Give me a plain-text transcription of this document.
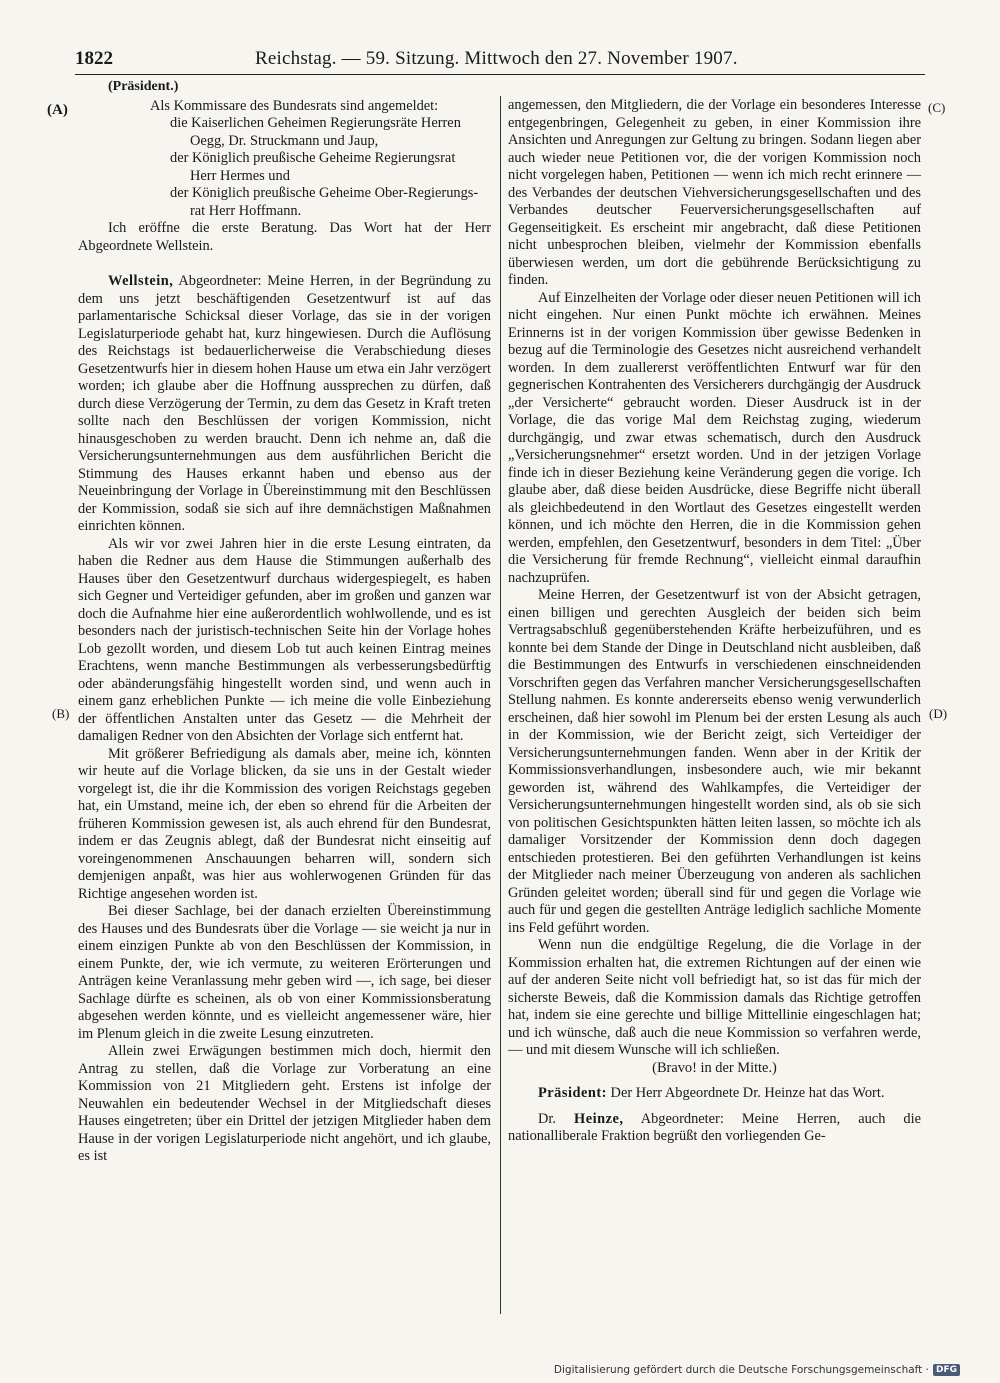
1822	Reichstag. — 59. Sitzung. Mittwoch den 27. November 1907.
(A)
(B)
(C)
(D)

(Präsident.)

Als Kommissare des Bundesrats sind angemeldet:

die Kaiserlichen Geheimen Regierungsräte Herren

Oegg, Dr. Struckmann und Jaup,

der Königlich preußische Geheime Regierungsrat

Herr Hermes und

der Königlich preußische Geheime Ober-Regierungs-

rat Herr Hoffmann.

Ich eröffne die erste Beratung. Das Wort hat der Herr Abgeordnete Wellstein.

Wellstein, Abgeordneter: Meine Herren, in der Begründung zu dem uns jetzt beschäftigenden Gesetzentwurf ist auf das parlamentarische Schicksal dieser Vorlage, das sie in der vorigen Legislaturperiode gehabt hat, kurz hingewiesen. Durch die Auflösung des Reichstags ist bedauerlicherweise die Verabschiedung dieses Gesetzentwurfs hier in diesem hohen Hause um etwa ein Jahr verzögert worden; ich glaube aber die Hoffnung aussprechen zu dürfen, daß durch diese Verzögerung der Termin, zu dem das Gesetz in Kraft treten sollte nach den Beschlüssen der vorigen Kommission, nicht hinausgeschoben zu werden braucht. Denn ich nehme an, daß die Versicherungsunternehmungen aus dem ausführlichen Bericht die Stimmung des Hauses erkannt haben und ebenso aus der Neueinbringung der Vorlage in Übereinstimmung mit den Beschlüssen der Kommission, sodaß sie sich auf ihre demnächstigen Maßnahmen einrichten können.

Als wir vor zwei Jahren hier in die erste Lesung eintraten, da haben die Redner aus dem Hause die Stimmungen außerhalb des Hauses über den Gesetzentwurf durchaus widergespiegelt, es haben sich Gegner und Verteidiger gefunden, aber im großen und ganzen war doch die Aufnahme hier eine außerordentlich wohlwollende, und es ist besonders nach der juristisch-technischen Seite hin der Vorlage hohes Lob gezollt worden, und diesem Lob tut auch keinen Eintrag meines Erachtens, wenn manche Bestimmungen als verbesserungsbedürftig oder abänderungsfähig hingestellt worden sind, und wenn auch in einem ganz erheblichen Punkte — ich meine die volle Einbeziehung der öffentlichen Anstalten unter das Gesetz — die Mehrheit der damaligen Redner von den Absichten der Vorlage sich entfernt hat.

Mit größerer Befriedigung als damals aber, meine ich, könnten wir heute auf die Vorlage blicken, da sie uns in der Gestalt wieder vorgelegt ist, die ihr die Kommission des vorigen Reichstags gegeben hat, ein Umstand, meine ich, der eben so ehrend für die Arbeiten der früheren Kommission gewesen ist, als auch ehrend für den Bundesrat, indem er das Zeugnis ablegt, daß der Bundesrat nicht einseitig auf voreingenommenen Anschauungen beharren will, sondern sich demjenigen anpaßt, was hier aus wohlerwogenen Gründen für das Richtige angesehen worden ist.

Bei dieser Sachlage, bei der danach erzielten Übereinstimmung des Hauses und des Bundesrats über die Vorlage — sie weicht ja nur in einem einzigen Punkte ab von den Beschlüssen der Kommission, in einem Punkte, der, wie ich vermute, zu weiteren Erörterungen und Anträgen keine Veranlassung mehr geben wird —, ich sage, bei dieser Sachlage dürfte es scheinen, als ob von einer Kommissionsberatung abgesehen werden könnte, und es vielleicht angemessener wäre, hier im Plenum gleich in die zweite Lesung einzutreten.

Allein zwei Erwägungen bestimmen mich doch, hiermit den Antrag zu stellen, daß die Vorlage zur Vorberatung an eine Kommission von 21 Mitgliedern geht. Erstens ist infolge der Neuwahlen ein bedeutender Wechsel in der Mitgliedschaft dieses Hauses eingetreten; über ein Drittel der jetzigen Mitglieder haben dem Hause in der vorigen Legislaturperiode nicht angehört, und ich glaube, es ist

angemessen, den Mitgliedern, die der Vorlage ein besonderes Interesse entgegenbringen, Gelegenheit zu geben, in einer Kommission ihre Ansichten und Anregungen zur Geltung zu bringen. Sodann liegen aber auch wieder neue Petitionen vor, die der vorigen Kommission noch nicht vorgelegen haben, Petitionen — wenn ich mich recht erinnere — des Verbandes der deutschen Viehversicherungsgesellschaften und des Verbandes deutscher Feuerversicherungsgesellschaften auf Gegenseitigkeit. Es erscheint mir angebracht, daß diese Petitionen nicht unbesprochen bleiben, vielmehr der Kommission ebenfalls überwiesen werden, um dort die gebührende Berücksichtigung zu finden.

Auf Einzelheiten der Vorlage oder dieser neuen Petitionen will ich nicht eingehen. Nur einen Punkt möchte ich erwähnen. Meines Erinnerns ist in der vorigen Kommission über gewisse Bedenken in bezug auf die Terminologie des Gesetzes nicht ausreichend verhandelt worden. In dem zuallererst veröffentlichten Entwurf war für den gegnerischen Kontrahenten des Versicherers durchgängig der Ausdruck „der Versicherte“ gebraucht worden. Dieser Ausdruck ist in der Vorlage, die das vorige Mal dem Reichstag zuging, wiederum durchgängig, und zwar etwas schematisch, durch den Ausdruck „Versicherungsnehmer“ ersetzt worden. Und in der jetzigen Vorlage finde ich in dieser Beziehung keine Veränderung gegen die vorige. Ich glaube aber, daß diese beiden Ausdrücke, diese Begriffe nicht überall als gleichbedeutend in den Wortlaut des Gesetzes eingestellt werden können, und ich möchte den Herren, die in die Kommission gehen werden, empfehlen, den Gesetzentwurf, besonders in dem Titel: „Über die Versicherung für fremde Rechnung“, vielleicht einmal daraufhin nachzuprüfen.

Meine Herren, der Gesetzentwurf ist von der Absicht getragen, einen billigen und gerechten Ausgleich der beiden sich beim Vertragsabschluß gegenüberstehenden Kräfte herbeizuführen, und es konnte bei dem Stande der Dinge in Deutschland nicht ausbleiben, daß die Bestimmungen des Entwurfs in verschiedenen einschneidenden Vorschriften gegen das Verfahren mancher Versicherungsgesellschaften Stellung nahmen. Es konnte andererseits ebenso wenig verwunderlich erscheinen, daß hier sowohl im Plenum bei der ersten Lesung als auch in der Kommission, wie der Bericht zeigt, sich Verteidiger der Versicherungsunternehmungen fanden. Wenn aber in der Kritik der Kommissionsverhandlungen, insbesondere auch, wie mir bekannt geworden ist, während des Wahlkampfes, die Verteidiger der Versicherungsunternehmungen hingestellt worden sind, als ob sie sich von politischen Gesichtspunkten hätten leiten lassen, so möchte ich als damaliger Vorsitzender der Kommission denn doch dagegen entschieden protestieren. Bei den geführten Verhandlungen ist keins der Mitglieder nach meiner Überzeugung von anderen als sachlichen Gründen geleitet worden; überall sind für und gegen die Vorlage wie auch für und gegen die gestellten Anträge lediglich sachliche Momente ins Feld geführt worden.

Wenn nun die endgültige Regelung, die die Vorlage in der Kommission erhalten hat, die extremen Richtungen auf der einen wie auf der anderen Seite nicht voll befriedigt hat, so ist das für mich der sicherste Beweis, daß die Kommission damals das Richtige getroffen hat, indem sie eine gerechte und billige Mittellinie eingeschlagen hat; und ich wünsche, daß auch die neue Kommission so verfahren werde, — und mit diesem Wunsche will ich schließen.

(Bravo! in der Mitte.)

Präsident: Der Herr Abgeordnete Dr. Heinze hat das Wort.

Dr. Heinze, Abgeordneter: Meine Herren, auch die nationalliberale Fraktion begrüßt den vorliegenden Ge-

Digitalisierung gefördert durch die Deutsche Forschungsgemeinschaft · DFG
